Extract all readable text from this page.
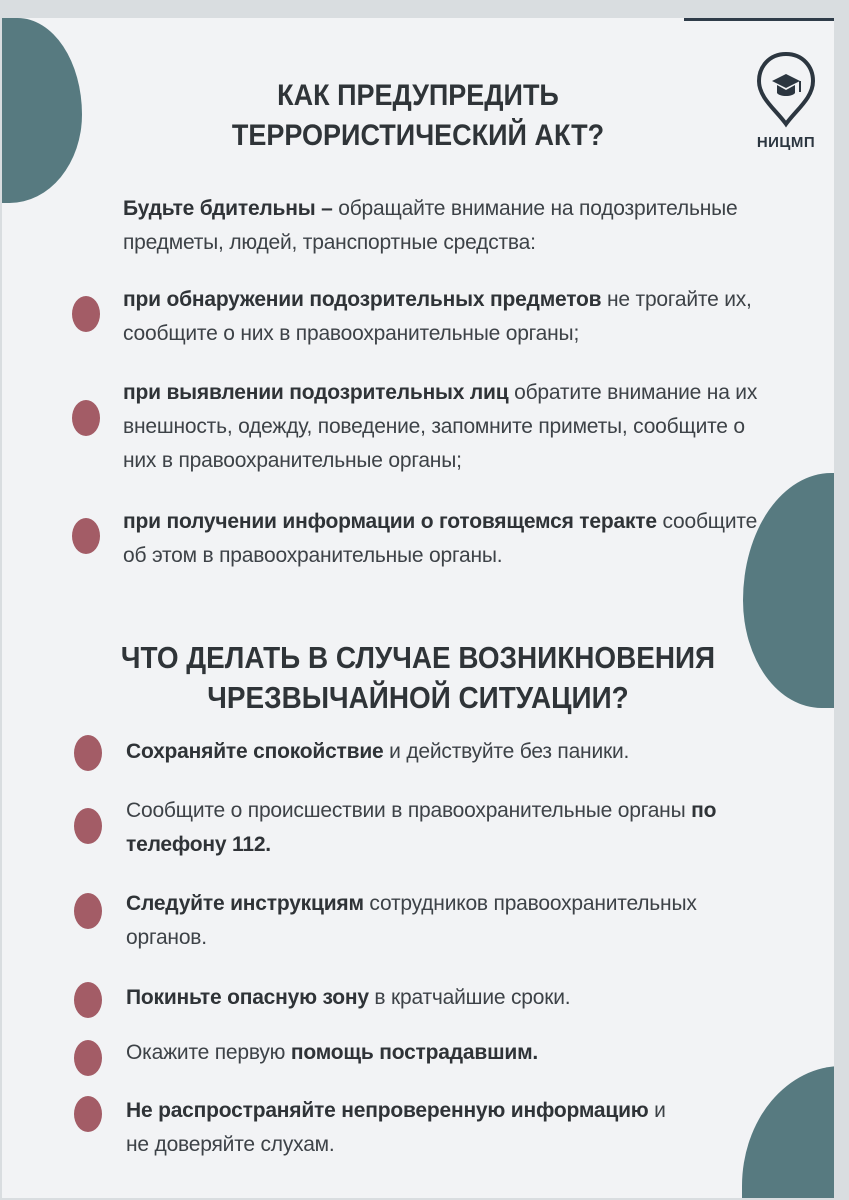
НИЦМП
КАК ПРЕДУПРЕДИТЬ
ТЕРРОРИСТИЧЕСКИЙ АКТ?
Будьте бдительны – обращайте внимание на подозрительные предметы, людей, транспортные средства:
при обнаружении подозрительных предметов не трогайте их, сообщите о них в правоохранительные органы;
при выявлении подозрительных лиц обратите внимание на их внешность, одежду, поведение, запомните приметы, сообщите о них в правоохранительные органы;
при получении информации о готовящемся теракте сообщите об этом в правоохранительные органы.
ЧТО ДЕЛАТЬ В СЛУЧАЕ ВОЗНИКНОВЕНИЯ
ЧРЕЗВЫЧАЙНОЙ СИТУАЦИИ?
Сохраняйте спокойствие и действуйте без паники.
Сообщите о происшествии в правоохранительные органы по телефону 112.
Следуйте инструкциям сотрудников правоохранительных органов.
Покиньте опасную зону в кратчайшие сроки.
Окажите первую помощь пострадавшим.
Не распространяйте непроверенную информацию и не доверяйте слухам.
